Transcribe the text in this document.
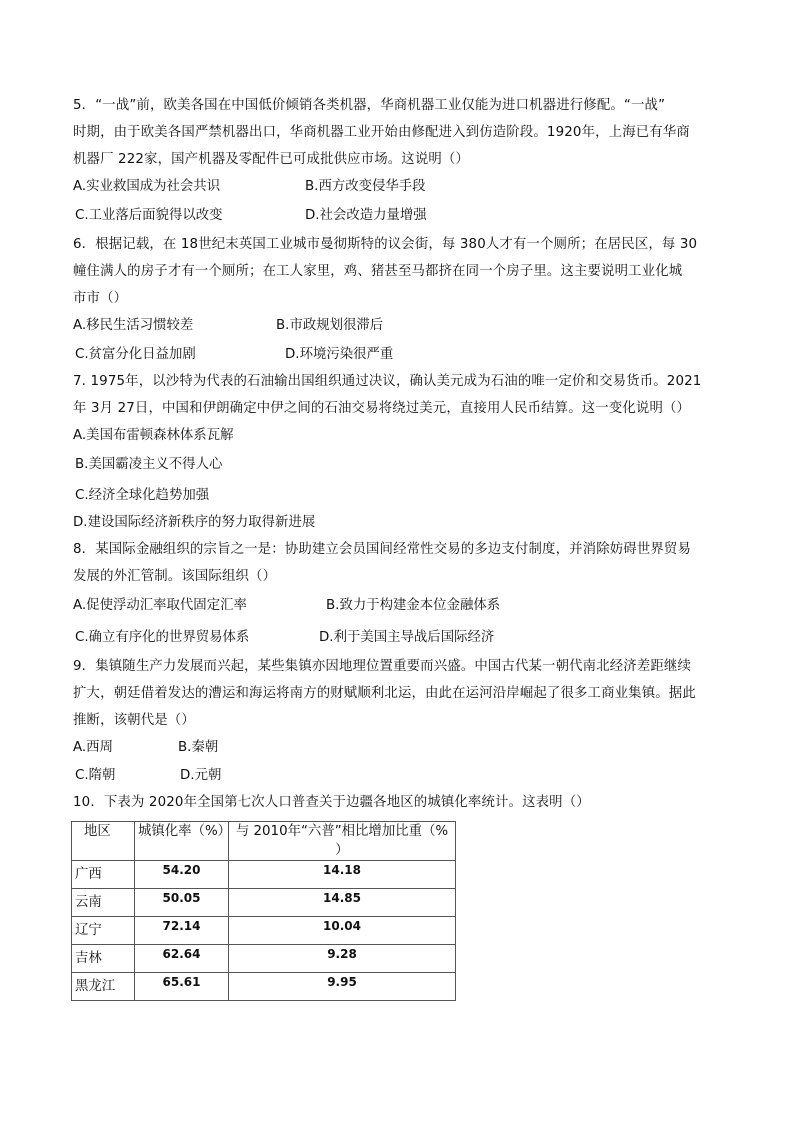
5．“一战”前，欧美各国在中国低价倾销各类机器，华商机器工业仅能为进口机器进行修配。“一战”
时期，由于欧美各国严禁机器出口，华商机器工业开始由修配进入到仿造阶段。1920年，上海已有华商
机器厂 222家，国产机器及零配件已可成批供应市场。这说明（）
A.实业救国成为社会共识	B.西方改变侵华手段
C.工业落后面貌得以改变	D.社会改造力量增强
6．根据记载，在 18世纪末英国工业城市曼彻斯特的议会街，每 380人才有一个厕所；在居民区，每 30
幢住满人的房子才有一个厕所；在工人家里，鸡、猪甚至马都挤在同一个房子里。这主要说明工业化城
市市（）
A.移民生活习惯较差	B.市政规划很滞后
C.贫富分化日益加剧	D.环境污染很严重
7. 1975年，以沙特为代表的石油输出国组织通过决议，确认美元成为石油的唯一定价和交易货币。2021
年 3月 27日，中国和伊朗确定中伊之间的石油交易将绕过美元，直接用人民币结算。这一变化说明（）
A.美国布雷顿森林体系瓦解
B.美国霸凌主义不得人心
C.经济全球化趋势加强
D.建设国际经济新秩序的努力取得新进展
8．某国际金融组织的宗旨之一是：协助建立会员国间经常性交易的多边支付制度，并消除妨碍世界贸易
发展的外汇管制。该国际组织（）
A.促使浮动汇率取代固定汇率	B.致力于构建金本位金融体系
C.确立有序化的世界贸易体系	D.利于美国主导战后国际经济
9．集镇随生产力发展而兴起，某些集镇亦因地理位置重要而兴盛。中国古代某一朝代南北经济差距继续
扩大，朝廷借着发达的漕运和海运将南方的财赋顺利北运，由此在运河沿岸崛起了很多工商业集镇。据此
推断，该朝代是（）
A.西周	B.秦朝
C.隋朝	D.元朝
10．下表为 2020年全国第七次人口普查关于边疆各地区的城镇化率统计。这表明（）
地区	城镇化率（%）	与 2010年“六普”相比增加比重（%
）
广西	54.20	14.18
云南	50.05	14.85
辽宁	72.14	10.04
吉林	62.64	9.28
黑龙江	65.61	9.95
